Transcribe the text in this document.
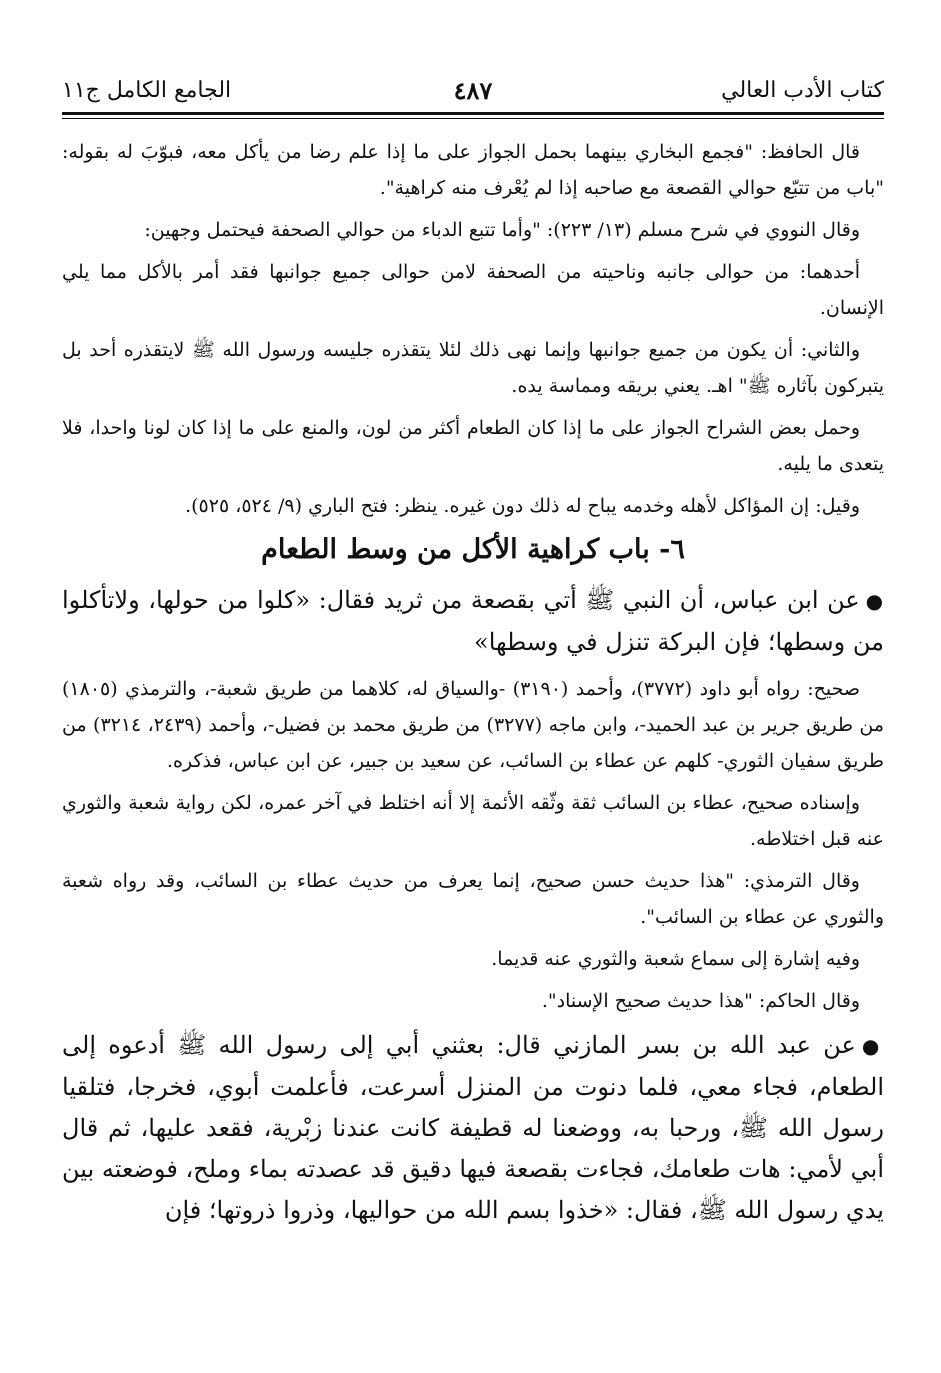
الجامع الكامل ج١١	٤٨٧	كتاب الأدب العالي

قال الحافظ: "فجمع البخاري بينهما بحمل الجواز على ما إذا علم رضا من يأكل معه، فبوّبَ له بقوله: "باب من تتبّع حوالي القصعة مع صاحبه إذا لم يُعْرف منه كراهية".

وقال النووي في شرح مسلم (١٣/ ٢٢٣): "وأما تتبع الدباء من حوالي الصحفة فيحتمل وجهين:

أحدهما: من حوالى جانبه وناحيته من الصحفة لامن حوالى جميع جوانبها فقد أمر بالأكل مما يلي الإنسان.

والثاني: أن يكون من جميع جوانبها وإنما نهى ذلك لئلا يتقذره جليسه ورسول الله ﷺ لايتقذره أحد بل يتبركون بآثاره ﷺ" اهـ. يعني بريقه ومماسة يده.

وحمل بعض الشراح الجواز على ما إذا كان الطعام أكثر من لون، والمنع على ما إذا كان لونا واحدا، فلا يتعدى ما يليه.

وقيل: إن المؤاكل لأهله وخدمه يباح له ذلك دون غيره. ينظر: فتح الباري (٩/ ٥٢٤، ٥٢٥).

٦- باب كراهية الأكل من وسط الطعام

●عن ابن عباس، أن النبي ﷺ أتي بقصعة من ثريد فقال: «كلوا من حولها، ولاتأكلوا من وسطها؛ فإن البركة تنزل في وسطها»

صحيح: رواه أبو داود (٣٧٧٢)، وأحمد (٣١٩٠) -والسياق له، كلاهما من طريق شعبة-، والترمذي (١٨٠٥) من طريق جرير بن عبد الحميد-، وابن ماجه (٣٢٧٧) من طريق محمد بن فضيل-، وأحمد (٢٤٣٩، ٣٢١٤) من طريق سفيان الثوري- كلهم عن عطاء بن السائب، عن سعيد بن جبير، عن ابن عباس، فذكره.

وإسناده صحيح، عطاء بن السائب ثقة وثّقه الأئمة إلا أنه اختلط في آخر عمره، لكن رواية شعبة والثوري عنه قبل اختلاطه.

وقال الترمذي: "هذا حديث حسن صحيح، إنما يعرف من حديث عطاء بن السائب، وقد رواه شعبة والثوري عن عطاء بن السائب".

وفيه إشارة إلى سماع شعبة والثوري عنه قديما.

وقال الحاكم: "هذا حديث صحيح الإسناد".

●عن عبد الله بن بسر المازني قال: بعثني أبي إلى رسول الله ﷺ أدعوه إلى الطعام، فجاء معي، فلما دنوت من المنزل أسرعت، فأعلمت أبوي، فخرجا، فتلقيا رسول الله ﷺ، ورحبا به، ووضعنا له قطيفة كانت عندنا زبْرية، فقعد عليها، ثم قال أبي لأمي: هات طعامك، فجاءت بقصعة فيها دقيق قد عصدته بماء وملح، فوضعته بين يدي رسول الله ﷺ، فقال: «خذوا بسم الله من حواليها، وذروا ذروتها؛ فإن
